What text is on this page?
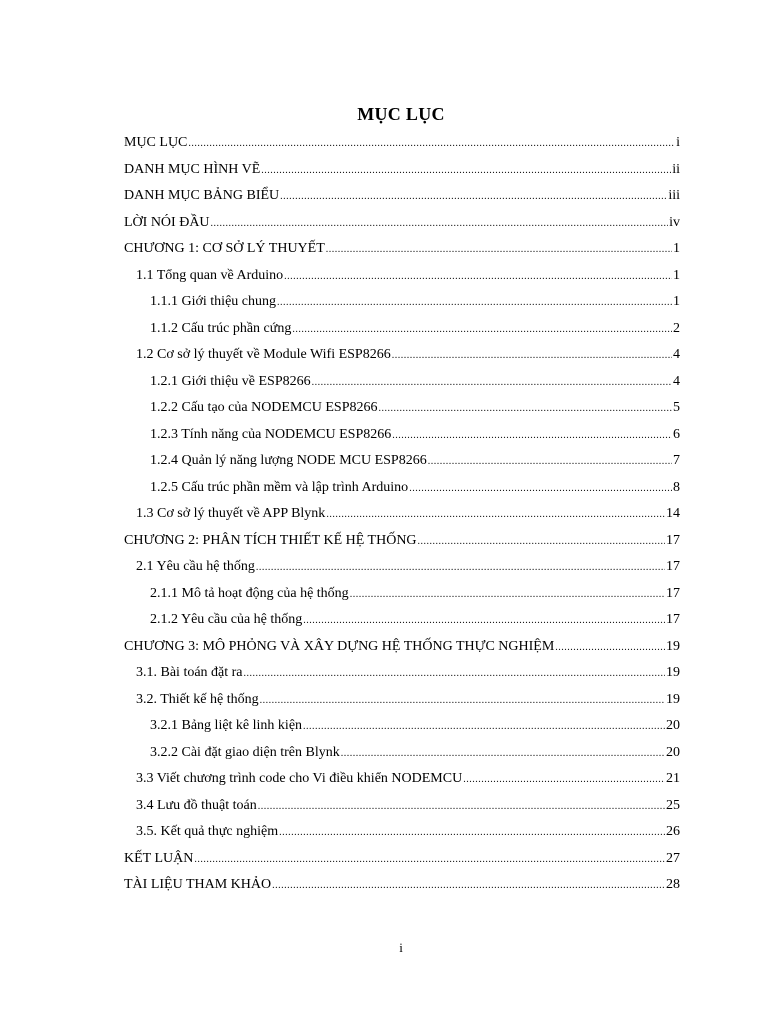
MỤC LỤC
MỤC LỤC .....	i
DANH MỤC HÌNH VẼ .....	ii
DANH MỤC BẢNG BIỂU .....	iii
LỜI NÓI ĐẦU .....	iv
CHƯƠNG 1: CƠ SỞ LÝ THUYẾT .....	1
1.1 Tổng quan về Arduino .....	1
1.1.1 Giới thiệu chung .....	1
1.1.2 Cấu trúc phần cứng .....	2
1.2 Cơ sở lý thuyết về Module Wifi ESP8266 .....	4
1.2.1 Giới thiệu về ESP8266 .....	4
1.2.2 Cấu tạo của NODEMCU ESP8266 .....	5
1.2.3 Tính năng của NODEMCU ESP8266 .....	6
1.2.4 Quản lý năng lượng NODE MCU ESP8266 .....	7
1.2.5 Cấu trúc phần mềm và lập trình Arduino .....	8
1.3 Cơ sở lý thuyết về APP Blynk .....	14
CHƯƠNG 2: PHÂN TÍCH THIẾT KẾ HỆ THỐNG .....	17
2.1 Yêu cầu hệ thống .....	17
2.1.1 Mô tả hoạt động của hệ thống .....	17
2.1.2 Yêu cầu của hệ thống .....	17
CHƯƠNG 3: MÔ PHỎNG VÀ XÂY DỰNG HỆ THỐNG THỰC NGHIỆM .....	19
3.1. Bài toán đặt ra .....	19
3.2. Thiết kế hệ thống .....	19
3.2.1 Bảng liệt kê linh kiện .....	20
3.2.2 Cài đặt giao diện trên Blynk .....	20
3.3 Viết chương trình code cho Vi điều khiển NODEMCU .....	21
3.4 Lưu đồ thuật toán .....	25
3.5. Kết quả thực nghiệm .....	26
KẾT LUẬN .....	27
TÀI LIỆU THAM KHẢO .....	28
i
